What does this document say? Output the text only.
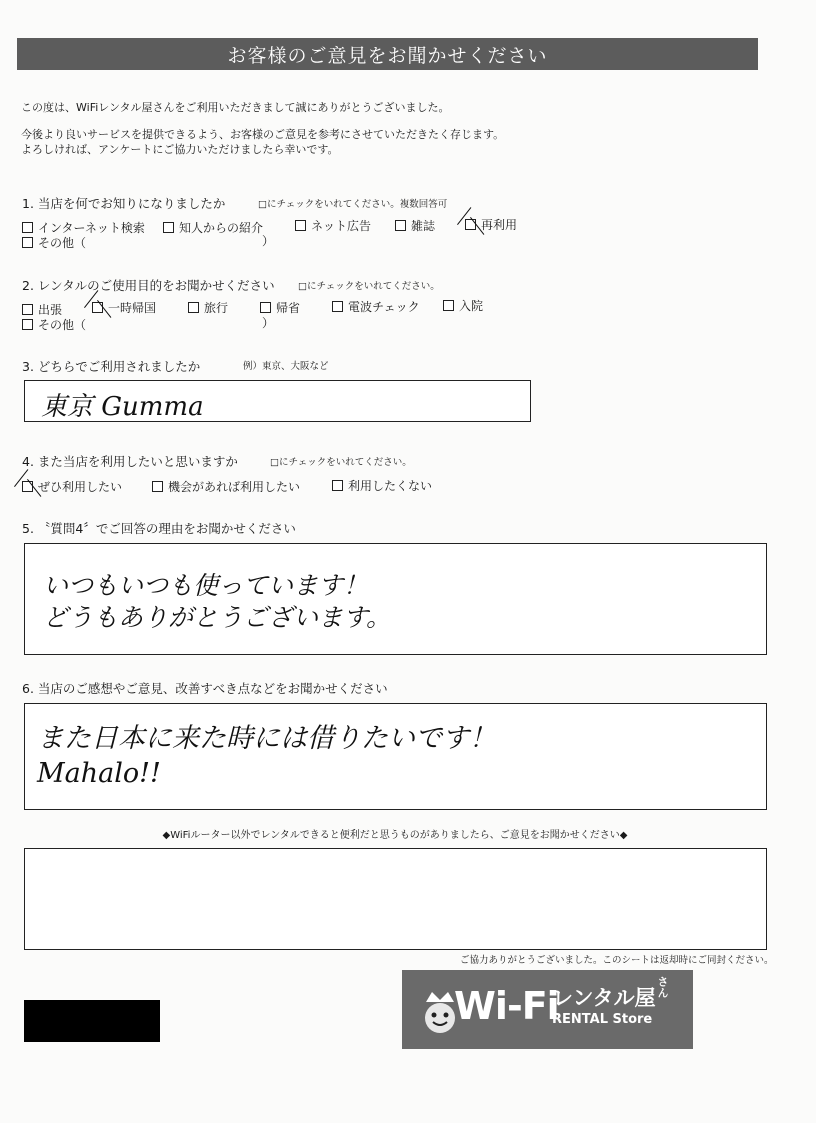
お客様のご意見をお聞かせください
この度は、WiFiレンタル屋さんをご利用いただきまして誠にありがとうございました。
今後より良いサービスを提供できるよう、お客様のご意見を参考にさせていただきたく存じます。
よろしければ、アンケートにご協力いただけましたら幸いです。
1. 当店を何でお知りになりましたか	□にチェックをいれてください。複数回答可
インターネット検索	知人からの紹介	ネット広告	雑誌	再利用
その他（	）
2. レンタルのご使用目的をお聞かせください □にチェックをいれてください。
出張	一時帰国	旅行	帰省	電波チェック	入院
その他（	）
3. どちらでご利用されましたか	例）東京、大阪など
東京 Gumma
4. また当店を利用したいと思いますか	□にチェックをいれてください。
ぜひ利用したい	機会があれば利用したい	利用したくない
5. 〝質問4〞でご回答の理由をお聞かせください
いつもいつも使っています！
どうもありがとうございます。
6. 当店のご感想やご意見、改善すべき点などをお聞かせください
また日本に来た時には借りたいです！
Mahalo!!
◆WiFiルーター以外でレンタルできると便利だと思うものがありましたら、ご意見をお聞かせください◆
ご協力ありがとうございました。このシートは返却時にご同封ください。
Wi-Fi
レンタル屋 さん
RENTAL Store
